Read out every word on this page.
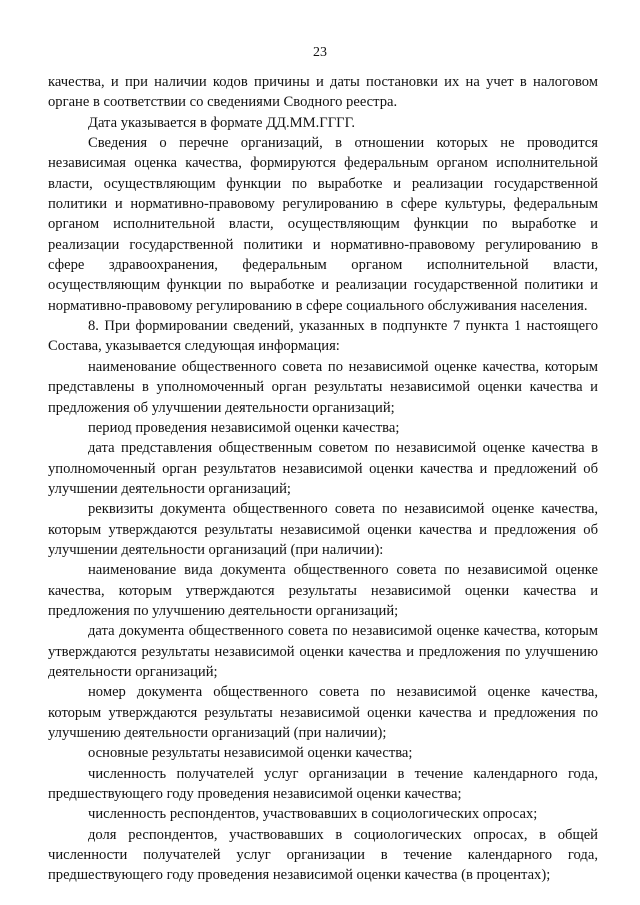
23

качества, и при наличии кодов причины и даты постановки их на учет в налоговом органе в соответствии со сведениями Сводного реестра.

Дата указывается в формате ДД.ММ.ГГГГ.

Сведения о перечне организаций, в отношении которых не проводится независимая оценка качества, формируются федеральным органом исполнительной власти, осуществляющим функции по выработке и реализации государственной политики и нормативно-правовому регулированию в сфере культуры, федеральным органом исполнительной власти, осуществляющим функции по выработке и реализации государственной политики и нормативно-правовому регулированию в сфере здравоохранения, федеральным органом исполнительной власти, осуществляющим функции по выработке и реализации государственной политики и нормативно-правовому регулированию в сфере социального обслуживания населения.

8. При формировании сведений, указанных в подпункте 7 пункта 1 настоящего Состава, указывается следующая информация:

наименование общественного совета по независимой оценке качества, которым представлены в уполномоченный орган результаты независимой оценки качества и предложения об улучшении деятельности организаций;

период проведения независимой оценки качества;

дата представления общественным советом по независимой оценке качества в уполномоченный орган результатов независимой оценки качества и предложений об улучшении деятельности организаций;

реквизиты документа общественного совета по независимой оценке качества, которым утверждаются результаты независимой оценки качества и предложения об улучшении деятельности организаций (при наличии):

наименование вида документа общественного совета по независимой оценке качества, которым утверждаются результаты независимой оценки качества и предложения по улучшению деятельности организаций;

дата документа общественного совета по независимой оценке качества, которым утверждаются результаты независимой оценки качества и предложения по улучшению деятельности организаций;

номер документа общественного совета по независимой оценке качества, которым утверждаются результаты независимой оценки качества и предложения по улучшению деятельности организаций (при наличии);

основные результаты независимой оценки качества;

численность получателей услуг организации в течение календарного года, предшествующего году проведения независимой оценки качества;

численность респондентов, участвовавших в социологических опросах;

доля респондентов, участвовавших в социологических опросах, в общей численности получателей услуг организации в течение календарного года, предшествующего году проведения независимой оценки качества (в процентах);
